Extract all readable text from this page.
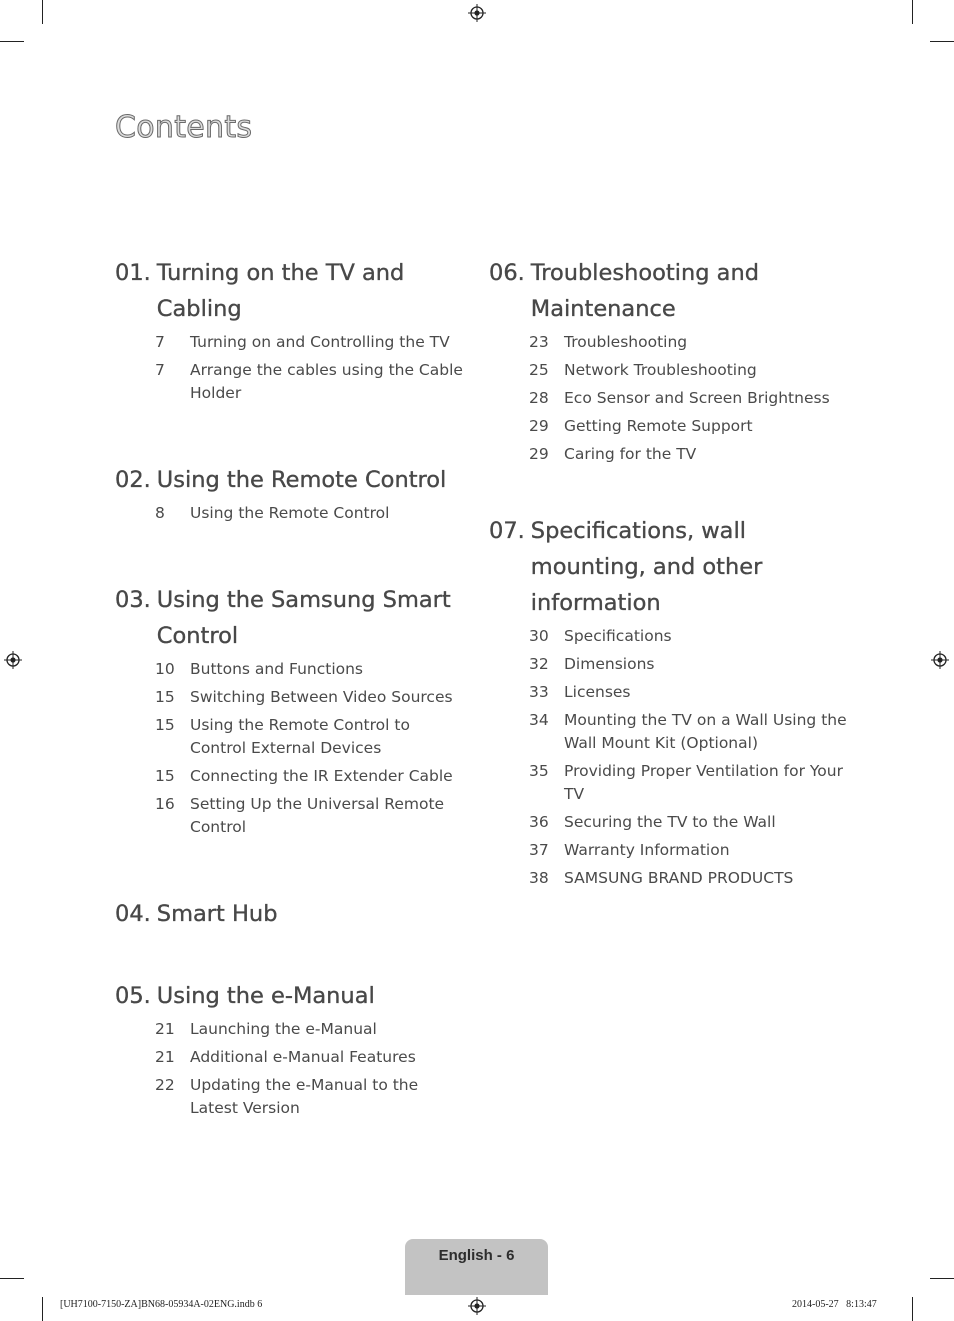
Contents
01. Turning on the TV and Cabling
7	Turning on and Controlling the TV
7	Arrange the cables using the Cable Holder
02. Using the Remote Control
8	Using the Remote Control
03. Using the Samsung Smart Control
10 Buttons and Functions
15 Switching Between Video Sources
15 Using the Remote Control to Control External Devices
15 Connecting the IR Extender Cable
16 Setting Up the Universal Remote Control
04. Smart Hub
05. Using the e-Manual
21 Launching the e-Manual
21 Additional e-Manual Features
22 Updating the e-Manual to the Latest Version
06. Troubleshooting and Maintenance
23 Troubleshooting
25 Network Troubleshooting
28 Eco Sensor and Screen Brightness
29 Getting Remote Support
29 Caring for the TV
07. Specifications, wall mounting, and other information
30 Specifications
32 Dimensions
33 Licenses
34 Mounting the TV on a Wall Using the Wall Mount Kit (Optional)
35 Providing Proper Ventilation for Your TV
36 Securing the TV to the Wall
37 Warranty Information
38 SAMSUNG BRAND PRODUCTS
English - 6
[UH7100-7150-ZA]BN68-05934A-02ENG.indb 6	2014-05-27   8:13:47
